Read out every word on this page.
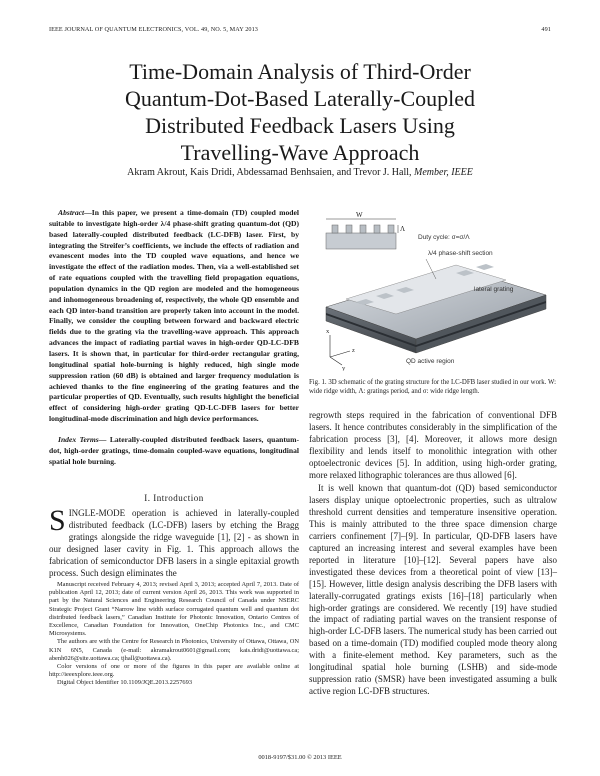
IEEE JOURNAL OF QUANTUM ELECTRONICS, VOL. 49, NO. 5, MAY 2013	491
Time-Domain Analysis of Third-Order
Quantum-Dot-Based Laterally-Coupled
Distributed Feedback Lasers Using
Travelling-Wave Approach
Akram Akrout, Kais Dridi, Abdessamad Benhsaien, and Trevor J. Hall, Member, IEEE

Abstract—In this paper, we present a time-domain (TD) coupled model suitable to investigate high-order λ/4 phase-shift grating quantum-dot (QD) based laterally-coupled distributed feedback (LC-DFB) laser. First, by integrating the Streifer’s coefficients, we include the effects of radiation and evanescent modes into the TD coupled wave equations, and hence we investigate the effect of the radiation modes. Then, via a well-established set of rate equations coupled with the travelling field propagation equations, population dynamics in the QD region are modeled and the homogeneous and inhomogeneous broadening of, respectively, the whole QD ensemble and each QD inter-band transition are properly taken into account in the model. Finally, we consider the coupling between forward and backward electric fields due to the grating via the travelling-wave approach. This approach advances the impact of radiating partial waves in high-order QD-LC-DFB lasers. It is shown that, in particular for third-order rectangular grating, longitudinal spatial hole-burning is highly reduced, high single mode suppression ration (60 dB) is obtained and larger frequency modulation is achieved thanks to the fine engineering of the grating features and the particular properties of QD. Eventually, such results highlight the beneficial effect of considering high-order grating QD-LC-DFB lasers for better longitudinal-mode discrimination and high device performances.

Index Terms— Laterally-coupled distributed feedback lasers, quantum-dot, high-order gratings, time-domain coupled-wave equations, longitudinal spatial hole burning.

I. Introduction

SINGLE-MODE operation is achieved in laterally-coupled distributed feedback (LC-DFB) lasers by etching the Bragg gratings alongside the ridge waveguide [1], [2] - as shown in our designed laser cavity in Fig. 1. This approach allows the fabrication of semiconductor DFB lasers in a single epitaxial growth process. Such design eliminates the

Manuscript received February 4, 2013; revised April 3, 2013; accepted April 7, 2013. Date of publication April 12, 2013; date of current version April 26, 2013. This work was supported in part by the Natural Sciences and Engineering Research Council of Canada under NSERC Strategic Project Grant “Narrow line width surface corrugated quantum well and quantum dot distributed feedback lasers,” Canadian Institute for Photonic Innovation, Ontario Centres of Excellence, Canadian Foundation for Innovation, OneChip Photonics Inc., and CMC Microsystems.

The authors are with the Centre for Research in Photonics, University of Ottawa, Ottawa, ON K1N 6N5, Canada (e-mail: akramakrout0601@gmail.com; kais.dridi@uottawa.ca; abenh026@site.uottawa.ca; tjhall@uottawa.ca).

Color versions of one or more of the figures in this paper are available online at http://ieeexplore.ieee.org.

Digital Object Identifier 10.1109/JQE.2013.2257693

W
Λ
Duty cycle: σ=σ/Λ
λ/4 phase-shift section
lateral grating
QD active region
x
z
y
Fig. 1. 3D schematic of the grating structure for the LC-DFB laser studied in our work. W: wide ridge width, Λ: gratings period, and σ: wide ridge length.

regrowth steps required in the fabrication of conventional DFB lasers. It hence contributes considerably in the simplification of the fabrication process [3], [4]. Moreover, it allows more design flexibility and lends itself to monolithic integration with other optoelectronic devices [5]. In addition, using high-order grating, more relaxed lithographic tolerances are thus allowed [6].

It is well known that quantum-dot (QD) based semiconductor lasers display unique optoelectronic properties, such as ultralow threshold current densities and temperature insensitive operation. This is mainly attributed to the three space dimension charge carriers confinement [7]–[9]. In particular, QD-DFB lasers have captured an increasing interest and several examples have been reported in literature [10]–[12]. Several papers have also investigated these devices from a theoretical point of view [13]–[15]. However, little design analysis describing the DFB lasers with laterally-corrugated gratings exists [16]–[18] particularly when high-order gratings are considered. We recently [19] have studied the impact of radiating partial waves on the transient response of high-order LC-DFB lasers. The numerical study has been carried out based on a time-domain (TD) modified coupled mode theory along with a finite-element method. Key parameters, such as the longitudinal spatial hole burning (LSHB) and side-mode suppression ratio (SMSR) have been investigated assuming a bulk active region LC-DFB structures.

0018-9197/$31.00 © 2013 IEEE
